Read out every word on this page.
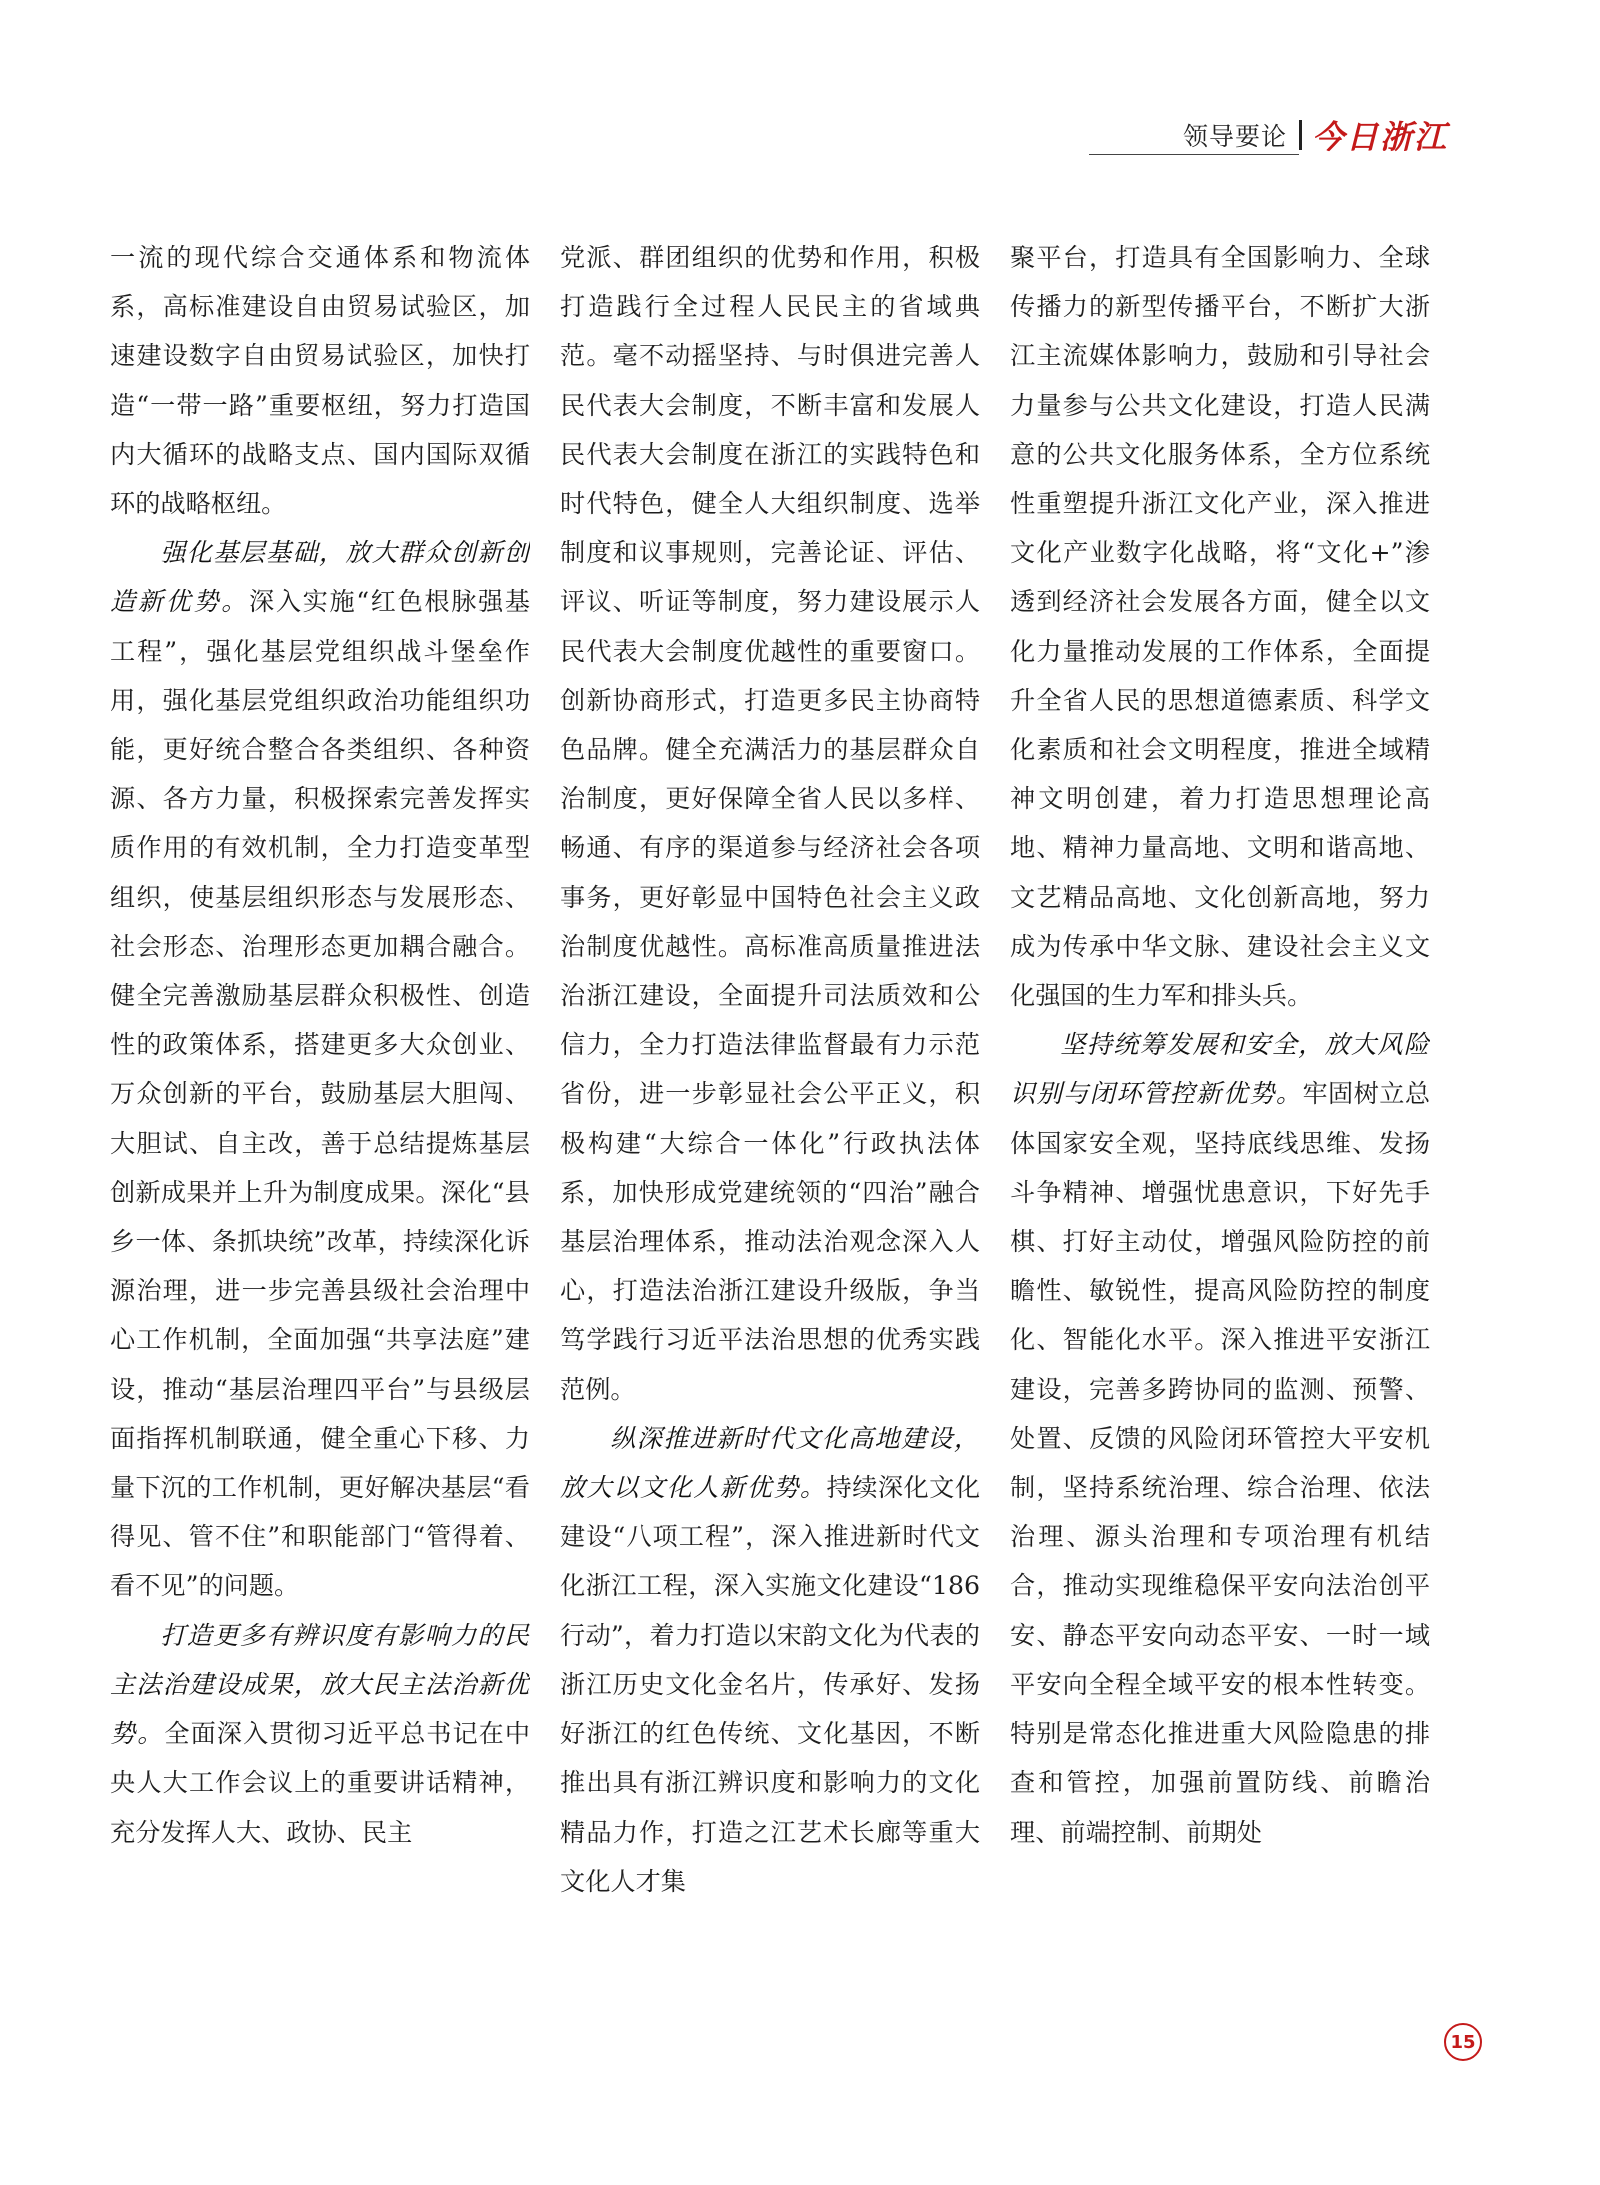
领导要论 今日浙江

一流的现代综合交通体系和物流体系，高标准建设自由贸易试验区，加速建设数字自由贸易试验区，加快打造“一带一路”重要枢纽，努力打造国内大循环的战略支点、国内国际双循环的战略枢纽。

强化基层基础，放大群众创新创造新优势。深入实施“红色根脉强基工程”，强化基层党组织战斗堡垒作用，强化基层党组织政治功能组织功能，更好统合整合各类组织、各种资源、各方力量，积极探索完善发挥实质作用的有效机制，全力打造变革型组织，使基层组织形态与发展形态、社会形态、治理形态更加耦合融合。健全完善激励基层群众积极性、创造性的政策体系，搭建更多大众创业、万众创新的平台，鼓励基层大胆闯、大胆试、自主改，善于总结提炼基层创新成果并上升为制度成果。深化“县乡一体、条抓块统”改革，持续深化诉源治理，进一步完善县级社会治理中心工作机制，全面加强“共享法庭”建设，推动“基层治理四平台”与县级层面指挥机制联通，健全重心下移、力量下沉的工作机制，更好解决基层“看得见、管不住”和职能部门“管得着、看不见”的问题。

打造更多有辨识度有影响力的民主法治建设成果，放大民主法治新优势。全面深入贯彻习近平总书记在中央人大工作会议上的重要讲话精神，充分发挥人大、政协、民主

党派、群团组织的优势和作用，积极打造践行全过程人民民主的省域典范。毫不动摇坚持、与时俱进完善人民代表大会制度，不断丰富和发展人民代表大会制度在浙江的实践特色和时代特色，健全人大组织制度、选举制度和议事规则，完善论证、评估、评议、听证等制度，努力建设展示人民代表大会制度优越性的重要窗口。创新协商形式，打造更多民主协商特色品牌。健全充满活力的基层群众自治制度，更好保障全省人民以多样、畅通、有序的渠道参与经济社会各项事务，更好彰显中国特色社会主义政治制度优越性。高标准高质量推进法治浙江建设，全面提升司法质效和公信力，全力打造法律监督最有力示范省份，进一步彰显社会公平正义，积极构建“大综合一体化”行政执法体系，加快形成党建统领的“四治”融合基层治理体系，推动法治观念深入人心，打造法治浙江建设升级版，争当笃学践行习近平法治思想的优秀实践范例。

纵深推进新时代文化高地建设，放大以文化人新优势。持续深化文化建设“八项工程”，深入推进新时代文化浙江工程，深入实施文化建设“186行动”，着力打造以宋韵文化为代表的浙江历史文化金名片，传承好、发扬好浙江的红色传统、文化基因，不断推出具有浙江辨识度和影响力的文化精品力作，打造之江艺术长廊等重大文化人才集

聚平台，打造具有全国影响力、全球传播力的新型传播平台，不断扩大浙江主流媒体影响力，鼓励和引导社会力量参与公共文化建设，打造人民满意的公共文化服务体系，全方位系统性重塑提升浙江文化产业，深入推进文化产业数字化战略，将“文化+”渗透到经济社会发展各方面，健全以文化力量推动发展的工作体系，全面提升全省人民的思想道德素质、科学文化素质和社会文明程度，推进全域精神文明创建，着力打造思想理论高地、精神力量高地、文明和谐高地、文艺精品高地、文化创新高地，努力成为传承中华文脉、建设社会主义文化强国的生力军和排头兵。

坚持统筹发展和安全，放大风险识别与闭环管控新优势。牢固树立总体国家安全观，坚持底线思维、发扬斗争精神、增强忧患意识，下好先手棋、打好主动仗，增强风险防控的前瞻性、敏锐性，提高风险防控的制度化、智能化水平。深入推进平安浙江建设，完善多跨协同的监测、预警、处置、反馈的风险闭环管控大平安机制，坚持系统治理、综合治理、依法治理、源头治理和专项治理有机结合，推动实现维稳保平安向法治创平安、静态平安向动态平安、一时一域平安向全程全域平安的根本性转变。特别是常态化推进重大风险隐患的排查和管控，加强前置防线、前瞻治理、前端控制、前期处

15
